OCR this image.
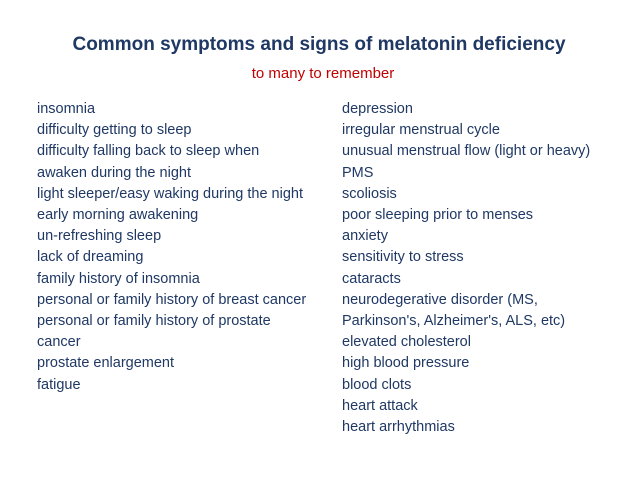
Common symptoms and signs of melatonin deficiency
to many to remember
insomnia
difficulty getting to sleep
difficulty falling back to sleep when awaken during the night
light sleeper/easy waking during the night
early morning awakening
un-refreshing sleep
lack of dreaming
family history of insomnia
personal or family history of breast cancer
personal or family history of prostate cancer
prostate enlargement
fatigue
depression
irregular menstrual cycle
unusual menstrual flow (light or heavy)
PMS
scoliosis
poor sleeping prior to menses
anxiety
sensitivity to stress
cataracts
neurodegerative disorder (MS, Parkinson's, Alzheimer's, ALS, etc)
elevated cholesterol
high blood pressure
blood clots
heart attack
heart arrhythmias
